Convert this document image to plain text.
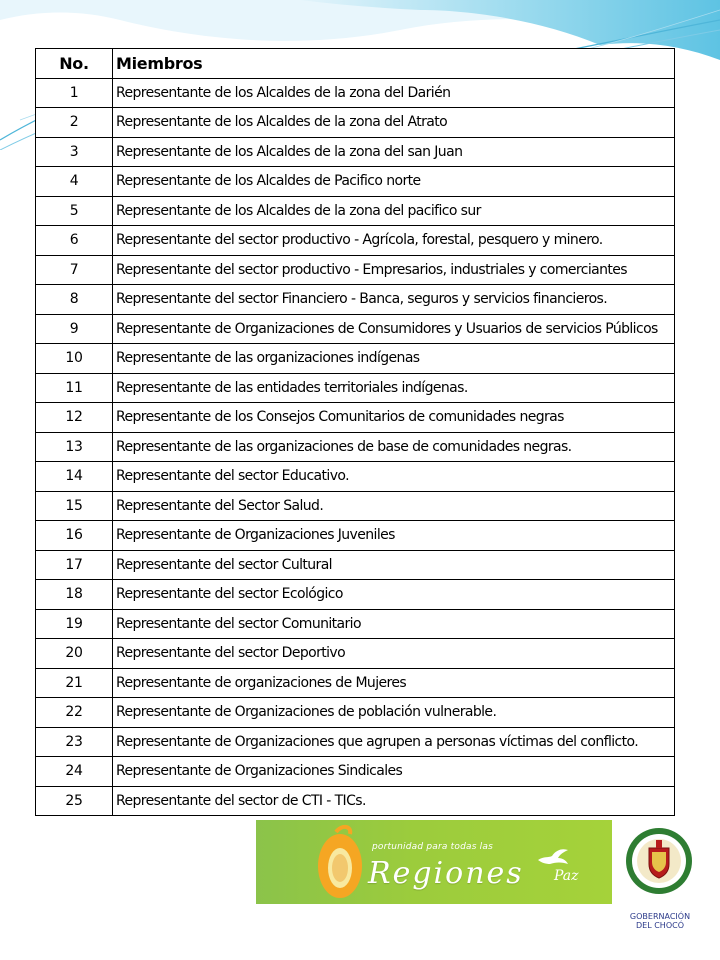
No.	Miembros
1	Representante de los Alcaldes de la zona del Darién
2	Representante de los Alcaldes de la zona del Atrato
3	Representante de los Alcaldes de la zona del san Juan
4	Representante de los Alcaldes de Pacifico norte
5	Representante de los Alcaldes de la zona del pacifico sur
6	Representante del sector productivo - Agrícola, forestal, pesquero y minero.
7	Representante del sector productivo - Empresarios, industriales y comerciantes
8	Representante del sector Financiero - Banca, seguros y servicios financieros.
9	Representante de Organizaciones de Consumidores y Usuarios de servicios Públicos
10	Representante de las organizaciones indígenas
11	Representante de las entidades territoriales indígenas.
12	Representante de los Consejos Comunitarios de comunidades negras
13	Representante de las organizaciones de base de comunidades negras.
14	Representante del sector Educativo.
15	Representante del Sector Salud.
16	Representante de Organizaciones Juveniles
17	Representante del sector Cultural
18	Representante del sector Ecológico
19	Representante del sector Comunitario
20	Representante del sector Deportivo
21	Representante de organizaciones de Mujeres
22	Representante de Organizaciones de población vulnerable.
23	Representante de Organizaciones que agrupen a personas víctimas del conflicto.
24	Representante de Organizaciones Sindicales
25	Representante del sector de CTI - TICs.
portunidad para todas las
Regiones Paz
GOBERNACIÓN
DEL CHOCÓ
